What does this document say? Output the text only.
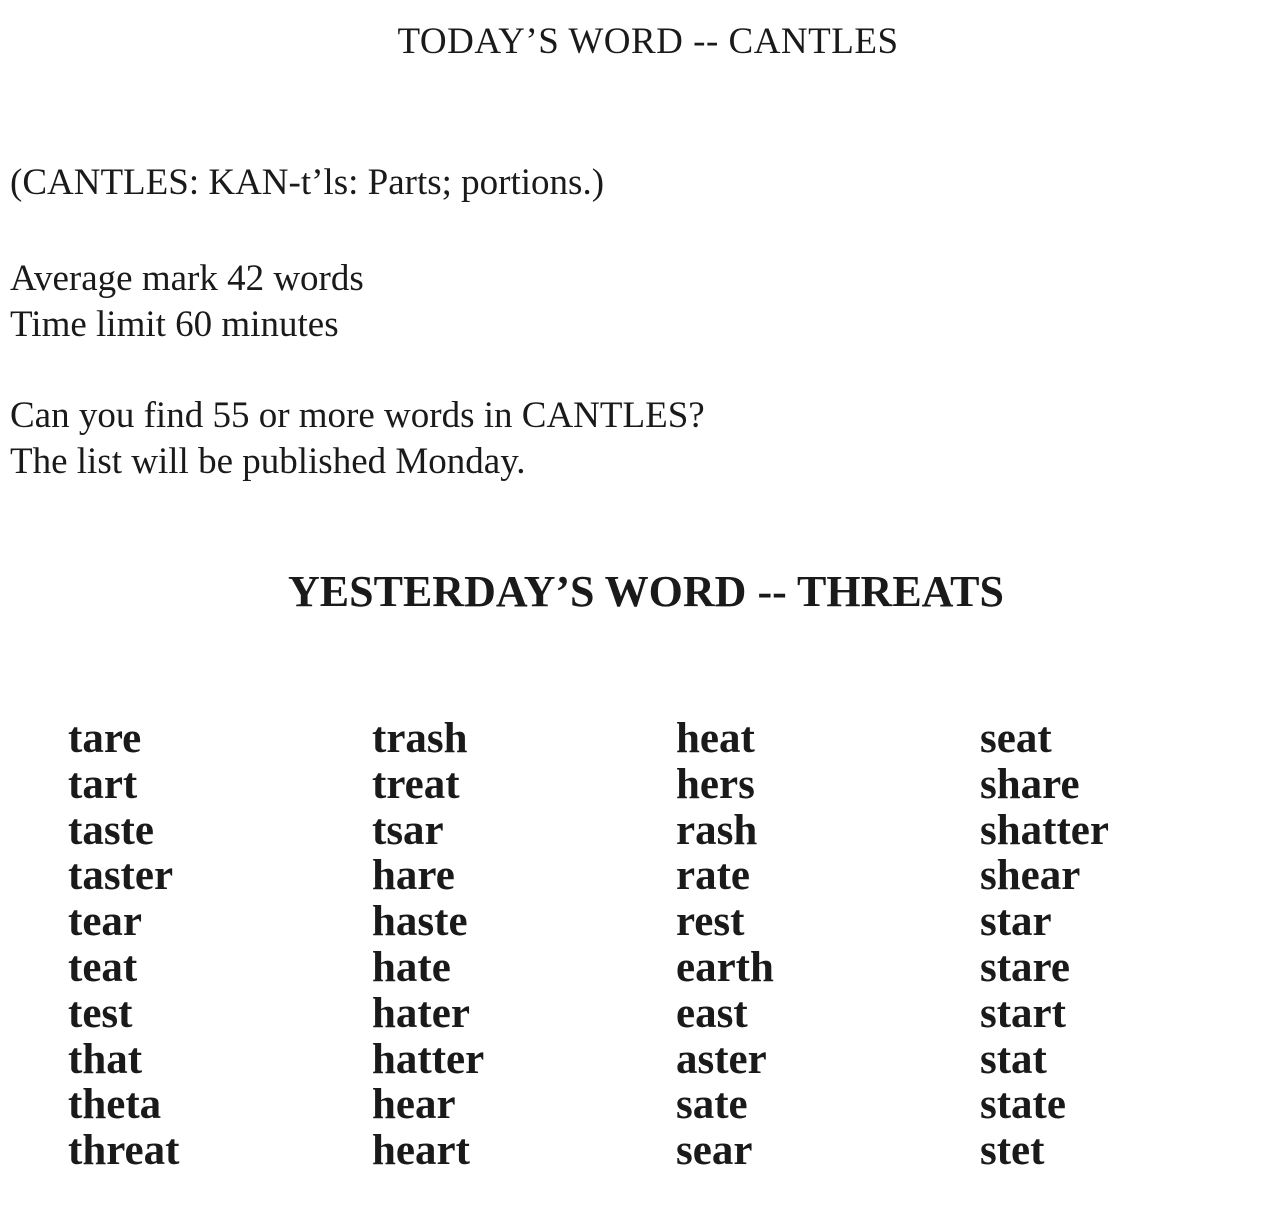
TODAY’S WORD -- CANTLES

(CANTLES: KAN-t’ls: Parts; portions.)

Average mark 42 words
Time limit 60 minutes

Can you find 55 or more words in CANTLES?
The list will be published Monday.

YESTERDAY’S WORD -- THREATS
tare
tart
taste
taster
tear
teat
test
that
theta
threat
trash
treat
tsar
hare
haste
hate
hater
hatter
hear
heart
heat
hers
rash
rate
rest
earth
east
aster
sate
sear
seat
share
shatter
shear
star
stare
start
stat
state
stet
